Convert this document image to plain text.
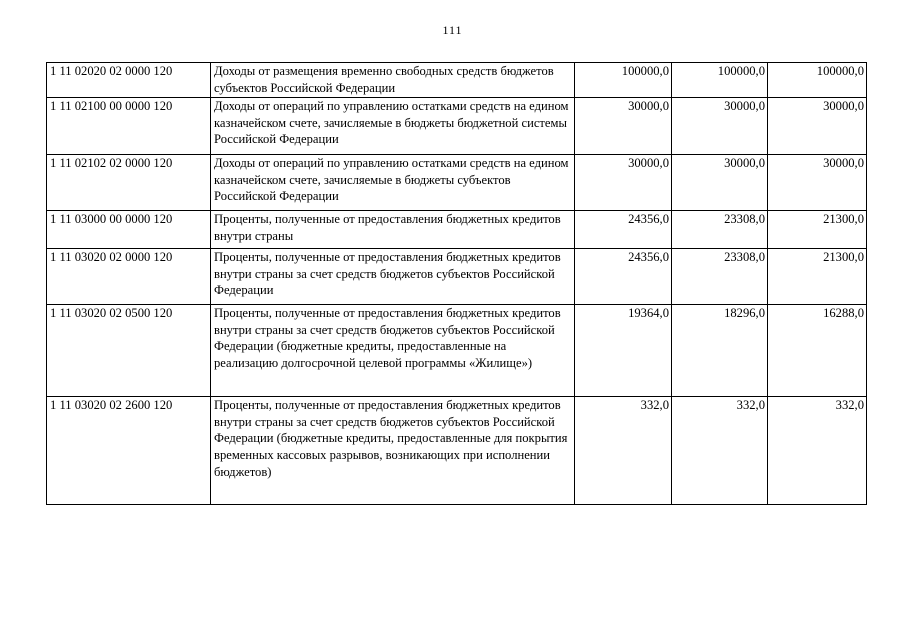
111
1 11 02020 02 0000 120	Доходы от размещения временно свободных средств бюджетов субъектов Российской Федерации	100000,0	100000,0	100000,0
1 11 02100 00 0000 120	Доходы от операций по управлению остатками средств на едином казначейском счете, зачисляемые в бюджеты бюджетной системы Российской Федерации	30000,0	30000,0	30000,0
1 11 02102 02 0000 120	Доходы от операций по управлению остатками средств на едином казначейском счете, зачисляемые в бюджеты субъектов Российской Федерации	30000,0	30000,0	30000,0
1 11 03000 00 0000 120	Проценты, полученные от предоставления бюджетных кредитов внутри страны	24356,0	23308,0	21300,0
1 11 03020 02 0000 120	Проценты, полученные от предоставления бюджетных кредитов внутри страны за счет средств бюджетов субъектов Российской Федерации	24356,0	23308,0	21300,0
1 11 03020 02 0500 120	Проценты, полученные от предоставления бюджетных кредитов внутри страны за счет средств бюджетов субъектов Российской Федерации (бюджетные кредиты, предоставленные на реализацию долгосрочной целевой программы «Жилище»)	19364,0	18296,0	16288,0
1 11 03020 02 2600 120	Проценты, полученные от предоставления бюджетных кредитов внутри страны за счет средств бюджетов субъектов Российской Федерации (бюджетные кредиты, предоставленные для покрытия временных кассовых разрывов, возникающих при исполнении бюджетов)	332,0	332,0	332,0
